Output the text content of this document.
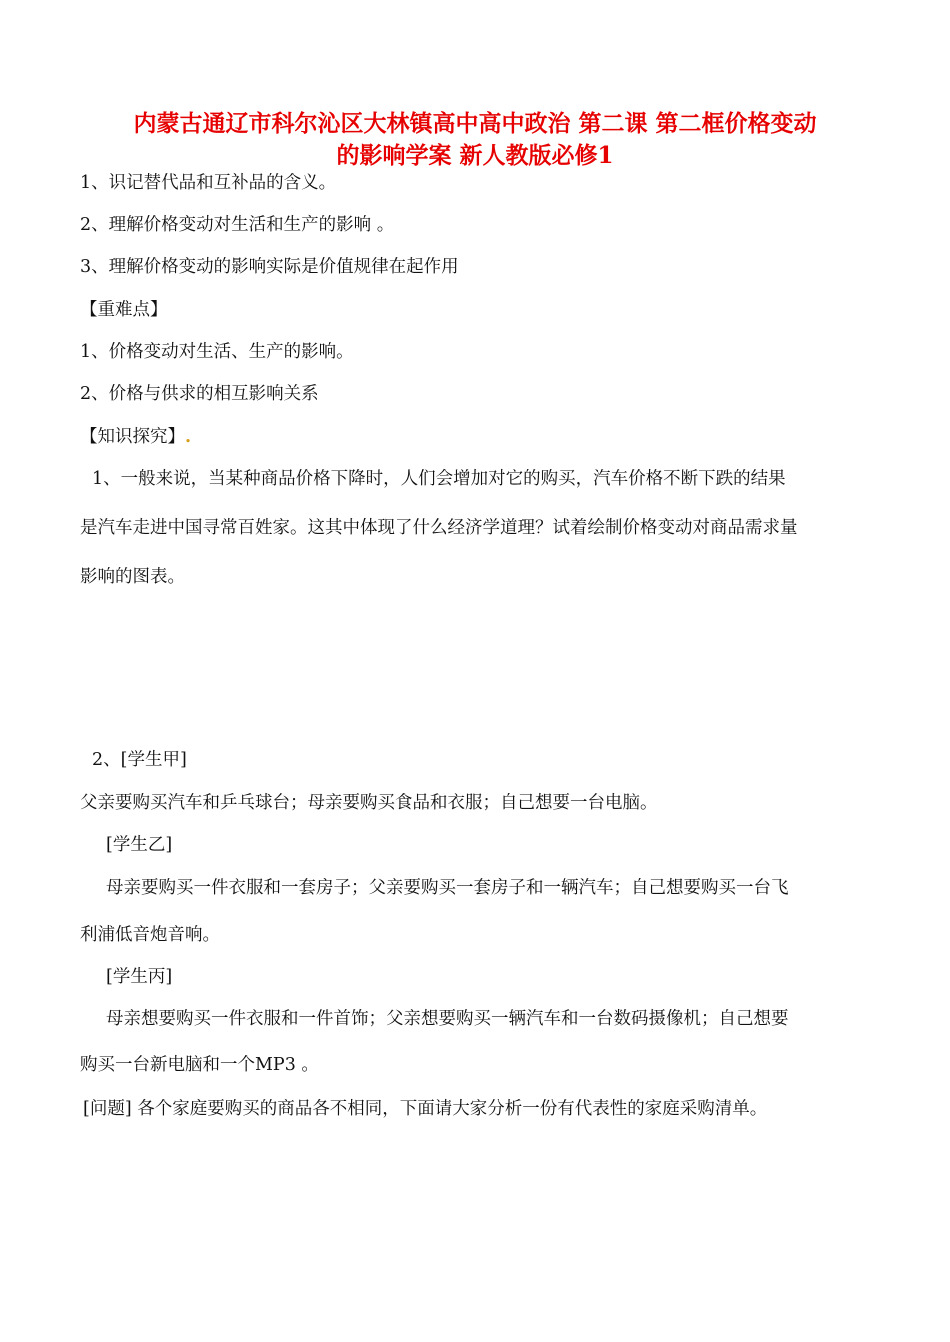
内蒙古通辽市科尔沁区大林镇高中高中政治 第二课 第二框价格变动
的影响学案 新人教版必修1
1、识记替代品和互补品的含义。
2、理解价格变动对生活和生产的影响 。
3、理解价格变动的影响实际是价值规律在起作用
【重难点】
1、价格变动对生活、生产的影响。
2、价格与供求的相互影响关系
【知识探究】.
1、一般来说，当某种商品价格下降时，人们会增加对它的购买，汽车价格不断下跌的结果
是汽车走进中国寻常百姓家。这其中体现了什么经济学道理？试着绘制价格变动对商品需求量
影响的图表。
2、[学生甲]
父亲要购买汽车和乒乓球台；母亲要购买食品和衣服；自己想要一台电脑。
[学生乙]
母亲要购买一件衣服和一套房子；父亲要购买一套房子和一辆汽车；自己想要购买一台飞
利浦低音炮音响。
[学生丙]
母亲想要购买一件衣服和一件首饰；父亲想要购买一辆汽车和一台数码摄像机；自己想要
购买一台新电脑和一个MP3 。
[问题] 各个家庭要购买的商品各不相同，下面请大家分析一份有代表性的家庭采购清单。
